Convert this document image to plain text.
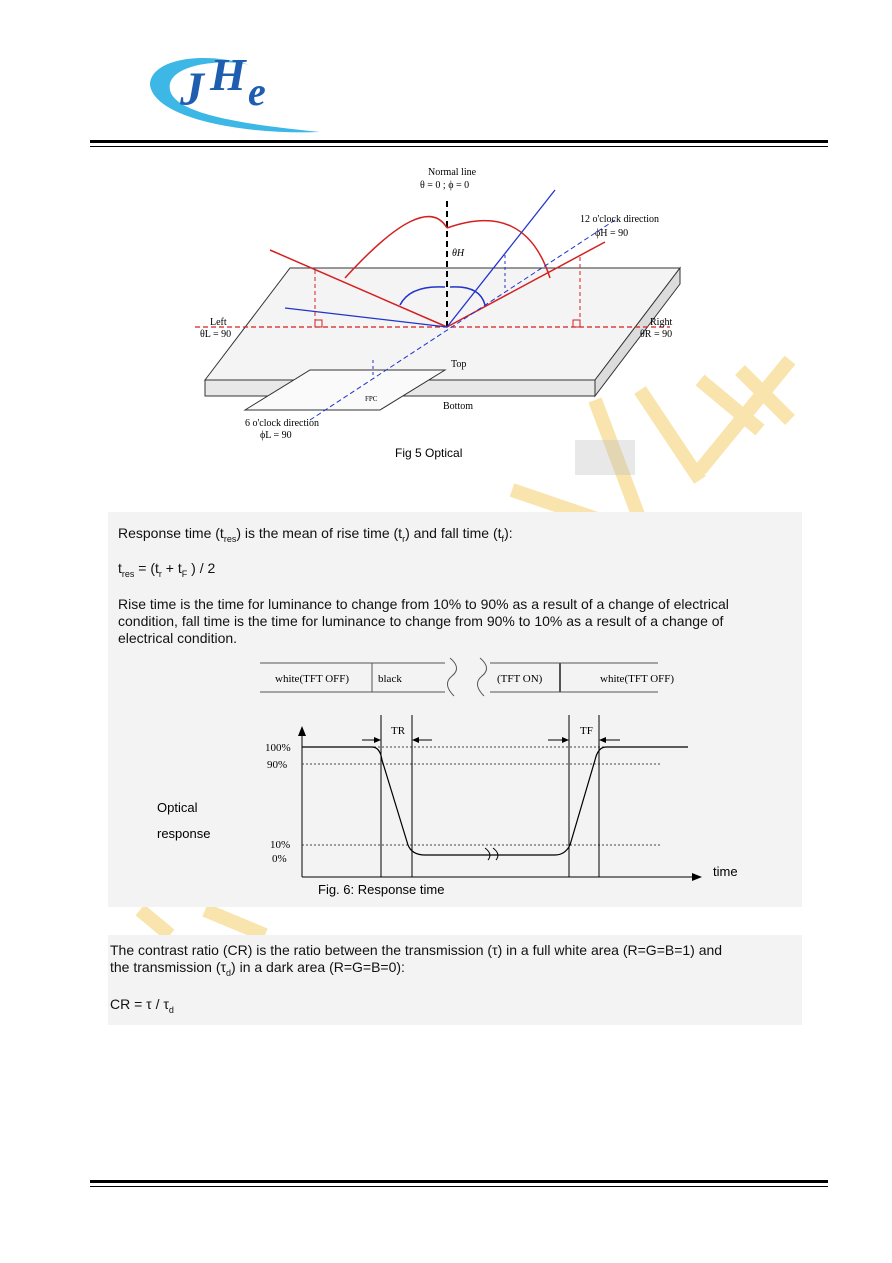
J H e
Normal line
θ = 0 ; ϕ = 0
12 o'clock direction
ϕH = 90
θH
Left
θL = 90
Right
θR = 90
Top
Bottom
FPC
6 o'clock direction
ϕL = 90
Fig 5 Optical
Response time $(t_{res})$ is the mean of rise time $(t_r)$ and fall time $(t_f)$:
$t_{res} = (t_r + t_F$ ) / 2
Rise time is the time for luminance to change from 10% to 90% as a result of a change of electrical
condition, fall time is the time for luminance to change from 90% to 10% as a result of a change of
electrical condition.
white(TFT OFF)	black	(TFT ON)	white(TFT OFF)
TR	TF
100%
90%
10%
0%
Optical
response
time
Fig. 6: Response time
The contrast ratio (CR) is the ratio between the transmission (τ) in a full white area (R=G=B=1) and
the transmission $(\tau_d)$ in a dark area (R=G=B=0):
CR = τ / $\tau_d$
